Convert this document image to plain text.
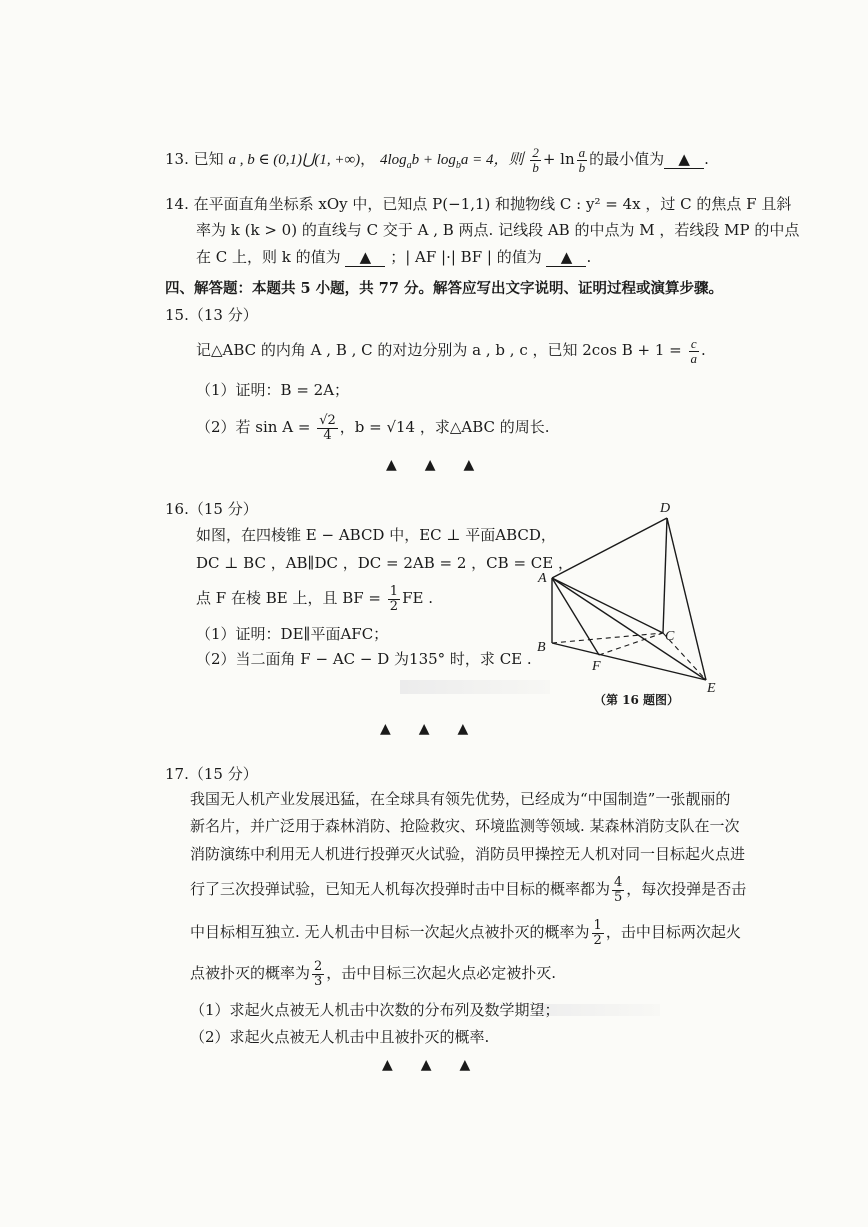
13. 已知 a , b ∈ (0,1)⋃(1, +∞)， $4\log_ab + \log_ba = 4$，则 $\frac{2}{b} + \ln \frac{a}{b}$ 的最小值为 ▲ .
14. 在平面直角坐标系 xOy 中，已知点 P(−1,1) 和抛物线 C : y² = 4x ，过 C 的焦点 F 且斜
率为 k (k > 0) 的直线与 C 交于 A , B 两点. 记线段 AB 的中点为 M ，若线段 MP 的中点
在 C 上，则 k 的值为 ▲ ；| AF |·| BF | 的值为 ▲ .
四、解答题：本题共 5 小题，共 77 分。解答应写出文字说明、证明过程或演算步骤。
15.（13 分）
记△ABC 的内角 A , B , C 的对边分别为 a , b , c ，已知 2cos $B + 1 = \frac{c}{a}$ .
（1）证明：B = 2A；
（2）若 $\sin A = \frac{√2}{4}$ ，b = √14 ，求△ABC 的周长.
▲　　▲　　▲
16.（15 分）
如图，在四棱锥 E − ABCD 中，EC ⊥ 平面ABCD，
DC ⊥ BC ，AB∥DC ，DC = 2AB = 2 ，CB = CE ，
点 F 在棱 BE 上，且 BF = $\frac{1}{2}$ FE .
（1）证明：DE∥平面AFC；
（2）当二面角 F − AC − D 为135° 时，求 CE .
▲　　▲　　▲
D
A
B
C
F
E
（第 16 题图）
17.（15 分）
我国无人机产业发展迅猛，在全球具有领先优势，已经成为“中国制造”一张靓丽的
新名片，并广泛用于森林消防、抢险救灾、环境监测等领域. 某森林消防支队在一次
消防演练中利用无人机进行投弹灭火试验，消防员甲操控无人机对同一目标起火点进
行了三次投弹试验，已知无人机每次投弹时击中目标的概率都为 $\frac{4}{5}$ ，每次投弹是否击
中目标相互独立. 无人机击中目标一次起火点被扑灭的概率为 $\frac{1}{2}$ ，击中目标两次起火
点被扑灭的概率为 $\frac{2}{3}$ ，击中目标三次起火点必定被扑灭.
（1）求起火点被无人机击中次数的分布列及数学期望；
（2）求起火点被无人机击中且被扑灭的概率.
▲　　▲　　▲
